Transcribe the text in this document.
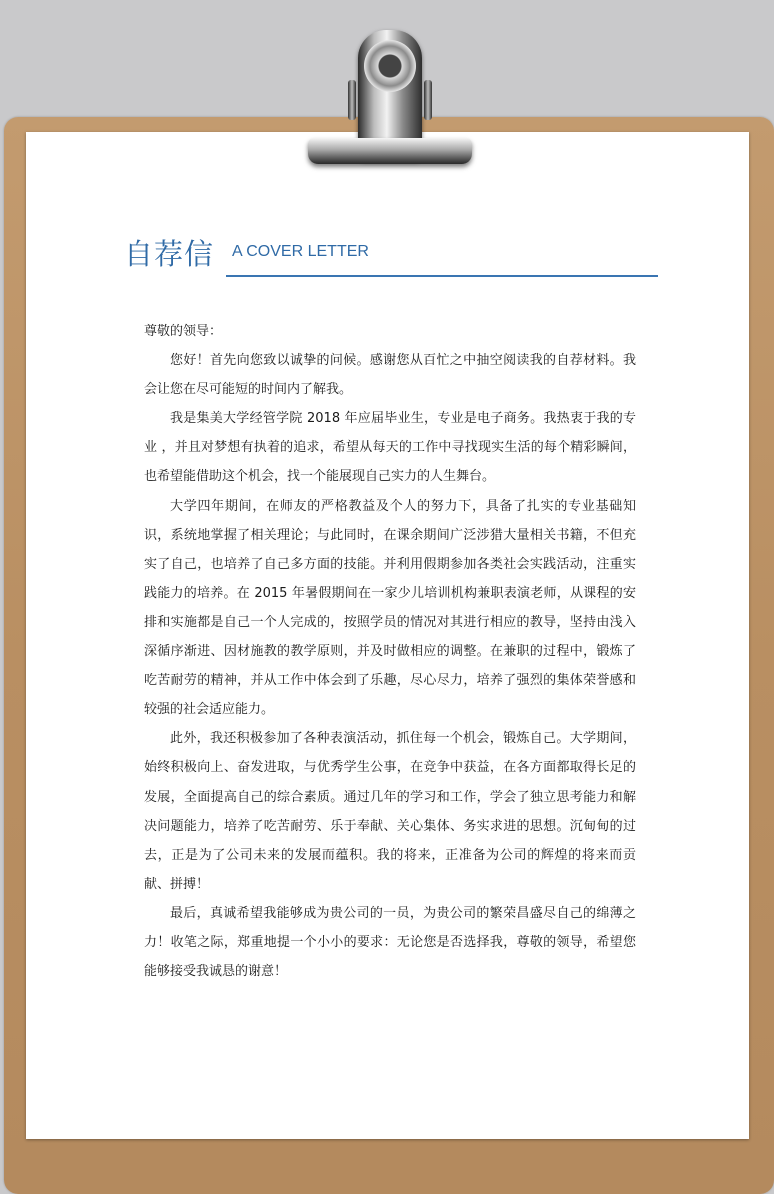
自荐信 A COVER LETTER

尊敬的领导：

您好！首先向您致以诚挚的问候。感谢您从百忙之中抽空阅读我的自荐材料。我会让您在尽可能短的时间内了解我。

我是集美大学经管学院 2018 年应届毕业生，专业是电子商务。我热衷于我的专业 ，并且对梦想有执着的追求，希望从每天的工作中寻找现实生活的每个精彩瞬间，也希望能借助这个机会，找一个能展现自己实力的人生舞台。

大学四年期间，在师友的严格教益及个人的努力下，具备了扎实的专业基础知识，系统地掌握了相关理论；与此同时，在课余期间广泛涉猎大量相关书籍，不但充实了自己，也培养了自己多方面的技能。并利用假期参加各类社会实践活动，注重实践能力的培养。在 2015 年暑假期间在一家少儿培训机构兼职表演老师，从课程的安排和实施都是自己一个人完成的，按照学员的情况对其进行相应的教导，坚持由浅入深循序渐进、因材施教的教学原则，并及时做相应的调整。在兼职的过程中，锻炼了吃苦耐劳的精神，并从工作中体会到了乐趣，尽心尽力，培养了强烈的集体荣誉感和较强的社会适应能力。

此外，我还积极参加了各种表演活动，抓住每一个机会，锻炼自己。大学期间，始终积极向上、奋发进取，与优秀学生公事，在竞争中获益，在各方面都取得长足的发展，全面提高自己的综合素质。通过几年的学习和工作，学会了独立思考能力和解决问题能力，培养了吃苦耐劳、乐于奉献、关心集体、务实求进的思想。沉甸甸的过去，正是为了公司未来的发展而蕴积。我的将来，正准备为公司的辉煌的将来而贡献、拼搏！

最后，真诚希望我能够成为贵公司的一员，为贵公司的繁荣昌盛尽自己的绵薄之力！收笔之际，郑重地提一个小小的要求：无论您是否选择我，尊敬的领导，希望您能够接受我诚恳的谢意！
